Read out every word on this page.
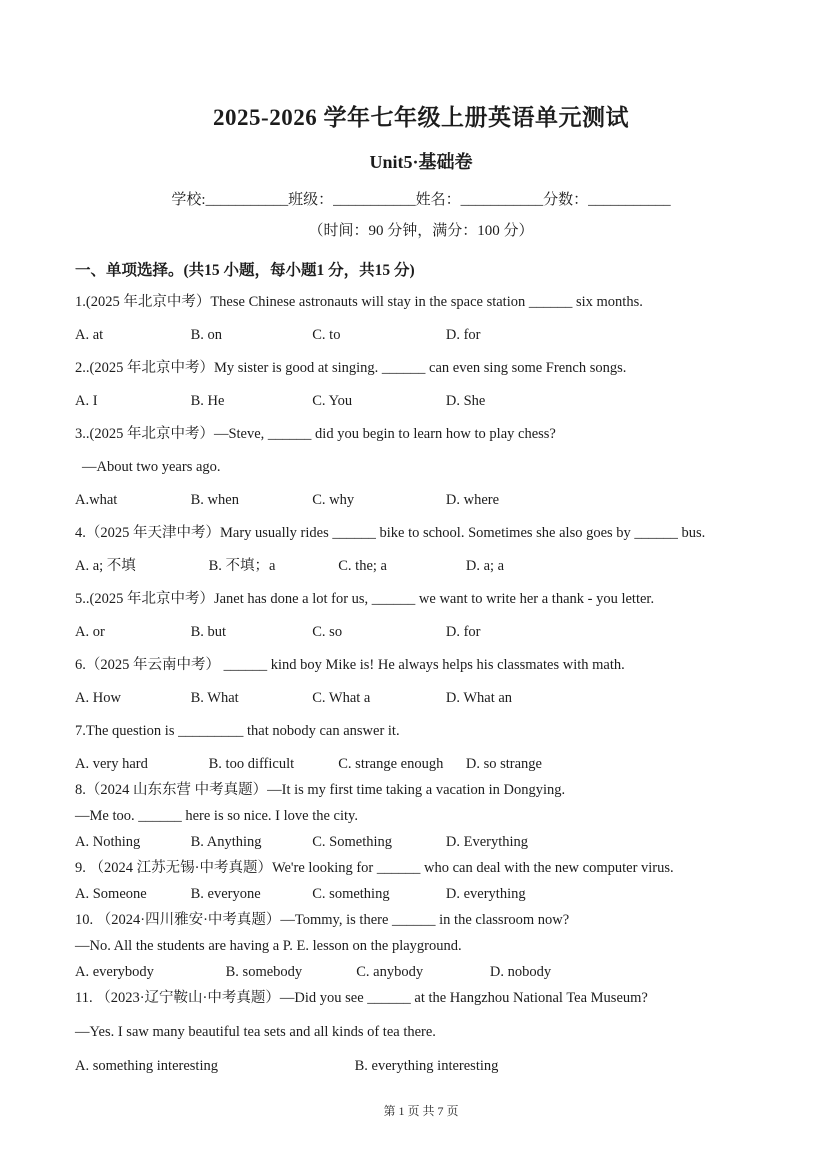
2025-2026 学年七年级上册英语单元测试
Unit5·基础卷

学校:___________班级：___________姓名：___________分数：___________

（时间：90 分钟，满分：100 分）

一、单项选择。(共15 小题，每小题1 分，共15 分)

1.(2025 年北京中考）These Chinese astronauts will stay in the space station ______ six months.

A. at	B. on	C. to	D. for

2..(2025 年北京中考）My sister is good at singing. ______ can even sing some French songs.

A. I	B. He	C. You	D. She

3..(2025 年北京中考）—Steve, ______ did you begin to learn how to play chess?

—About two years ago.

A.what	B. when	C. why	D. where

4.（2025 年天津中考）Mary usually rides ______ bike to school. Sometimes she also goes by ______ bus.

A. a; 不填	B. 不填；a	C. the; a	D. a; a

5..(2025 年北京中考）Janet has done a lot for us, ______ we want to write her a thank - you letter.

A. or	B. but	C. so	D. for

6.（2025 年云南中考） ______ kind boy Mike is! He always helps his classmates with math.

A. How	B. What	C. What a	D. What an

7.The question is _________ that nobody can answer it.

A. very hard	B. too difficult	C. strange enough D. so strange

8.（2024 山东东营 中考真题）—It is my first time taking a vacation in Dongying.

—Me too. ______ here is so nice. I love the city.

A. Nothing	B. Anything	C. Something	D. Everything

9. （2024 江苏无锡·中考真题）We're looking for ______ who can deal with the new computer virus.

A. Someone	B. everyone	C. something	D. everything

10. （2024·四川雅安·中考真题）—Tommy, is there ______ in the classroom now?

—No. All the students are having a P. E. lesson on the playground.

A. everybody	B. somebody	C. anybody	D. nobody

11. （2023·辽宁鞍山·中考真题）—Did you see ______ at the Hangzhou National Tea Museum?

—Yes. I saw many beautiful tea sets and all kinds of tea there.

A. something interesting	B. everything interesting

第 1 页 共 7 页
